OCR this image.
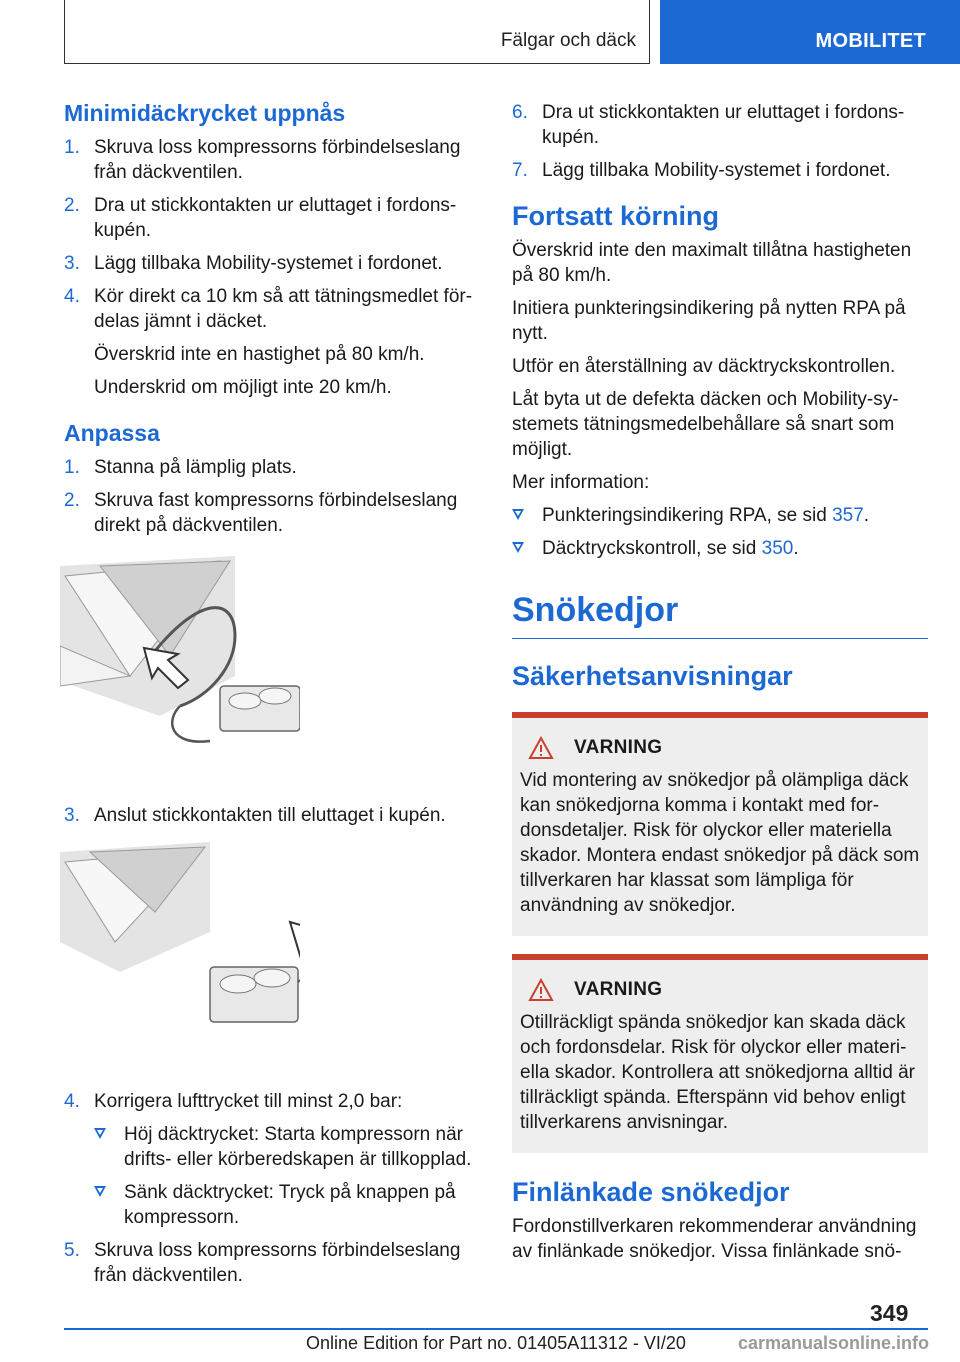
Fälgar och däck	MOBILITET
Minimidäckrycket uppnås
1. Skruva loss kompressorns förbindelseslang från däckventilen.
2. Dra ut stickkontakten ur eluttaget i fordonskupén.
3. Lägg tillbaka Mobility-systemet i fordonet.
4. Kör direkt ca 10 km så att tätningsmedlet fördelas jämnt i däcket.
Överskrid inte en hastighet på 80 km/h.
Underskrid om möjligt inte 20 km/h.
Anpassa
1. Stanna på lämplig plats.
2. Skruva fast kompressorns förbindelseslang direkt på däckventilen.
3. Anslut stickkontakten till eluttaget i kupén.
4. Korrigera lufttrycket till minst 2,0 bar:
Höj däcktrycket: Starta kompressorn när drifts- eller körberedskapen är tillkopplad.
Sänk däcktrycket: Tryck på knappen på kompressorn.
5. Skruva loss kompressorns förbindelseslang från däckventilen.
6. Dra ut stickkontakten ur eluttaget i fordonskupén.
7. Lägg tillbaka Mobility-systemet i fordonet.
Fortsatt körning

Överskrid inte den maximalt tillåtna hastigheten på 80 km/h.

Initiera punkteringsindikering på nytten RPA på nytt.

Utför en återställning av däcktryckskontrollen.

Låt byta ut de defekta däcken och Mobility-systemets tätningsmedelbehållare så snart som möjligt.

Mer information:

Punkteringsindikering RPA, se sid 357.
Däcktryckskontroll, se sid 350.
Snökedjor
Säkerhetsanvisningar
VARNING

Vid montering av snökedjor på olämpliga däck kan snökedjorna komma i kontakt med fordonsdetaljer. Risk för olyckor eller materiella skador. Montera endast snökedjor på däck som tillverkaren har klassat som lämpliga för användning av snökedjor.

VARNING

Otillräckligt spända snökedjor kan skada däck och fordonsdelar. Risk för olyckor eller materiella skador. Kontrollera att snökedjorna alltid är tillräckligt spända. Efterspänn vid behov enligt tillverkarens anvisningar.

Finlänkade snökedjor

Fordonstillverkaren rekommenderar användning av finlänkade snökedjor. Vissa finlänkade snö-

349
Online Edition for Part no. 01405A11312 - VI/20	carmanualsonline.info
